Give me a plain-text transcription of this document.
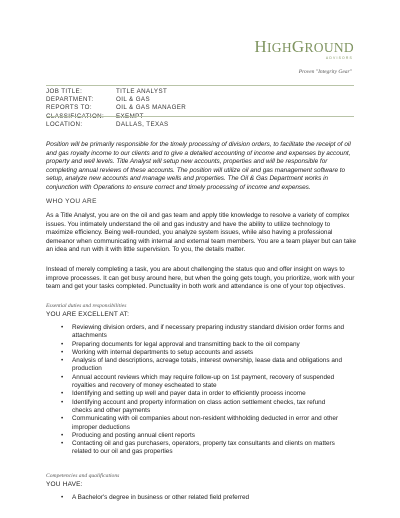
HIGHGROUND
ADVISORS
Proven "Integrity Gear"
JOB TITLE:	TITLE ANALYST
DEPARTMENT:	OIL & GAS
REPORTS TO:	OIL & GAS MANAGER
CLASSIFICATION:	EXEMPT
LOCATION:	DALLAS, TEXAS
Position will be primarily responsible for the timely processing of division orders, to facilitate the receipt of oil and gas royalty income to our clients and to give a detailed accounting of income and expenses by account, property and well levels. Title Analyst will setup new accounts, properties and will be responsible for completing annual reviews of these accounts. The position will utilize oil and gas management software to setup, analyze new accounts and manage wells and properties. The Oil & Gas Department works in conjunction with Operations to ensure correct and timely processing of income and expenses.
WHO YOU ARE
As a Title Analyst, you are on the oil and gas team and apply title knowledge to resolve a variety of complex issues. You intimately understand the oil and gas industry and have the ability to utilize technology to maximize efficiency. Being well-rounded, you analyze system issues, while also having a professional demeanor when communicating with internal and external team members. You are a team player but can take an idea and run with it with little supervision. To you, the details matter.
Instead of merely completing a task, you are about challenging the status quo and offer insight on ways to improve processes. It can get busy around here, but when the going gets tough, you prioritize, work with your team and get your tasks completed. Punctuality in both work and attendance is one of your top objectives.
Essential duties and responsibilities
YOU ARE EXCELLENT AT:
• Reviewing division orders, and if necessary preparing industry standard division order forms and attachments
• Preparing documents for legal approval and transmitting back to the oil company
• Working with internal departments to setup accounts and assets
• Analysis of land descriptions, acreage totals, interest ownership, lease data and obligations and production
• Annual account reviews which may require follow-up on 1st payment, recovery of suspended royalties and recovery of money escheated to state
• Identifying and setting up well and payer data in order to efficiently process income
• Identifying account and property information on class action settlement checks, tax refund checks and other payments
• Communicating with oil companies about non-resident withholding deducted in error and other improper deductions
• Producing and posting annual client reports
• Contacting oil and gas purchasers, operators, property tax consultants and clients on matters related to our oil and gas properties
Competencies and qualifications
YOU HAVE:
• A Bachelor's degree in business or other related field preferred
